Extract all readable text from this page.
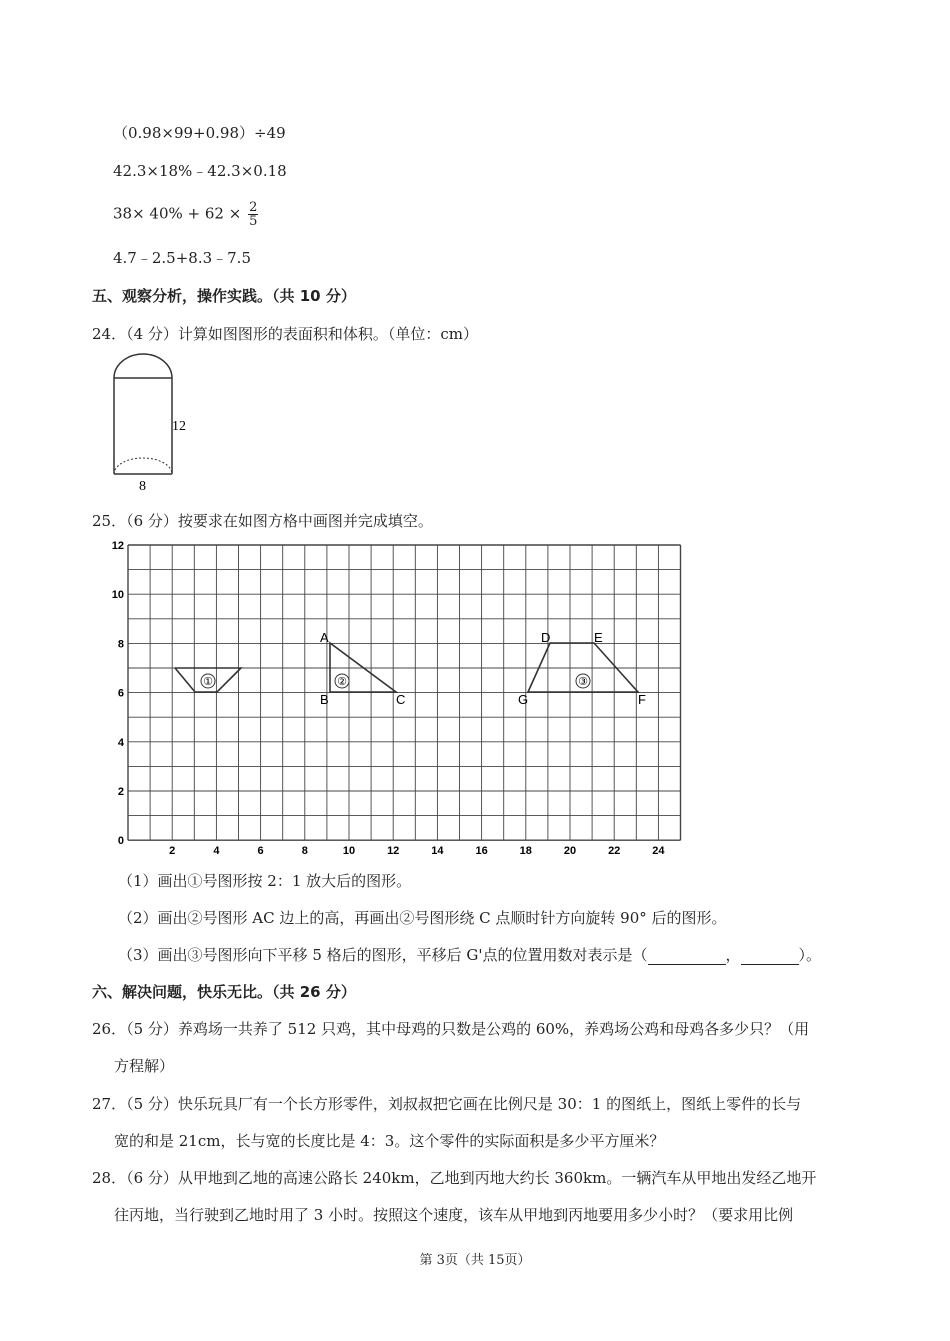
（0.98×99+0.98）÷49
42.3×18%﹣42.3×0.18
$38\times 40\% + 62 \times \frac{2}{5}$
4.7﹣2.5+8.3﹣7.5
五、观察分析，操作实践。（共 10 分）
24．（4 分）计算如图图形的表面积和体积。（单位：cm）
12
8
25．（6 分）按要求在如图方格中画图并完成填空。
12
10
8
6
4
2
0
2	4	6	8	10	12	14	16	18	20	22	24
①	②
A
B	C
③
D	E
F
G
（1）画出①号图形按 2：1 放大后的图形。
（2）画出②号图形 AC 边上的高，再画出②号图形绕 C 点顺时针方向旋转 90° 后的图形。
（3）画出③号图形向下平移 5 格后的图形，平移后 G'点的位置用数对表示是（	，	）。
六、解决问题，快乐无比。（共 26 分）
26．（5 分）养鸡场一共养了 512 只鸡，其中母鸡的只数是公鸡的 60%，养鸡场公鸡和母鸡各多少只？（用
方程解）
27．（5 分）快乐玩具厂有一个长方形零件，刘叔叔把它画在比例尺是 30：1 的图纸上，图纸上零件的长与
宽的和是 21cm，长与宽的长度比是 4：3。这个零件的实际面积是多少平方厘米？
28．（6 分）从甲地到乙地的高速公路长 240km，乙地到丙地大约长 360km。一辆汽车从甲地出发经乙地开
往丙地，当行驶到乙地时用了 3 小时。按照这个速度，该车从甲地到丙地要用多少小时？（要求用比例
第 3页（共 15页）
